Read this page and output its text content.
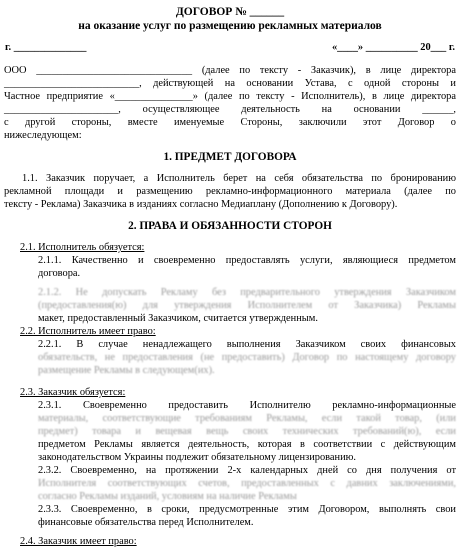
ДОГОВОР № ______
на оказание услуг по размещению рекламных материалов
г. ______________	«____» __________ 20___ г.
ООО ______________________________ (далее по тексту - Заказчик), в лице директора
__________________________, действующей на основании Устава, с одной стороны и
Частное предприятие «_______________» (далее по тексту - Исполнитель), в лице директора
______________________, осуществляющее деятельность на основании ______,
с другой стороны, вместе именуемые Стороны, заключили этот Договор о
нижеследующем:
1. ПРЕДМЕТ ДОГОВОРА
1.1. Заказчик поручает, а Исполнитель берет на себя обязательства по бронированию
рекламной площади и размещению рекламно-информационного материала (далее по
тексту - Реклама) Заказчика в изданиях согласно Медиаплану (Дополнению к Договору).
2. ПРАВА И ОБЯЗАННОСТИ СТОРОН
2.1. Исполнитель обязуется:
2.1.1. Качественно и своевременно предоставлять услуги, являющиеся предметом
договора.
2.1.2. Не допускать Рекламу без предварительного утверждения Заказчиком
(предоставления(ю) для утверждения Исполнителем от Заказчика) Рекламы
макет, предоставленный Заказчиком, считается утвержденным.
2.2. Исполнитель имеет право:
2.2.1. В случае ненадлежащего выполнения Заказчиком своих финансовых
обязательств, не предоставления (не предоставить) Договор по настоящему договору
размещение Рекламы в следующем(их).
2.3. Заказчик обязуется:
2.3.1. Своевременно предоставить Исполнителю рекламно-информационные
материалы, соответствующие требованиям Рекламы, если такой товар, (или
предмет) товара и вещевая вещь своих технических требований(ю), если
предметом Рекламы является деятельность, которая в соответствии с действующим
законодательством Украины подлежит обязательному лицензированию.
2.3.2. Своевременно, на протяжении 2-х календарных дней со дня получения от
Исполнителя соответствующих счетов, предоставленных с давних заключениями,
согласно Рекламы изданий, условиям на наличие Рекламы
2.3.3. Своевременно, в сроки, предусмотренные этим Договором, выполнять свои
финансовые обязательства перед Исполнителем.
2.4. Заказчик имеет право:
